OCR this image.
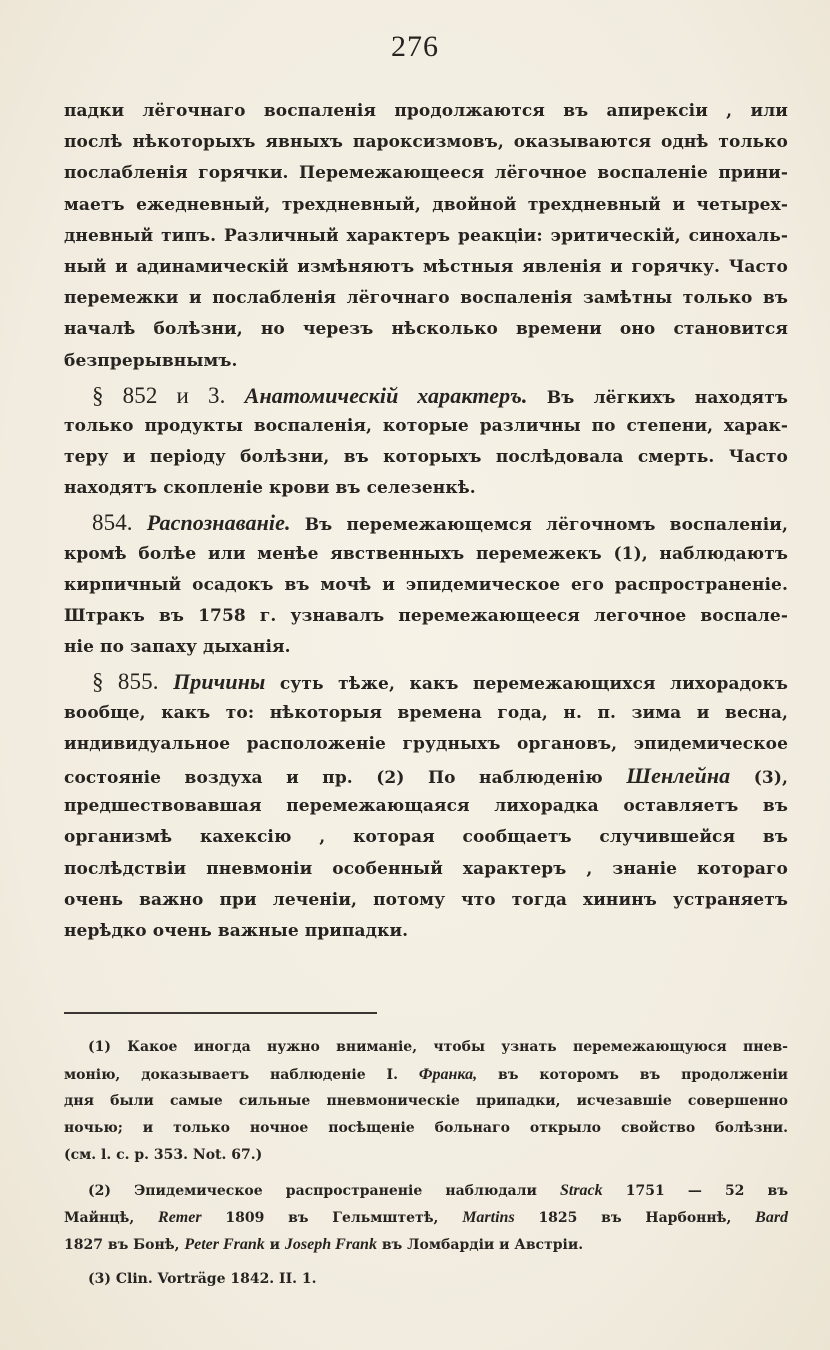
276
падки лёгочнаго воспаленія продолжаются въ апирексіи , или
послѣ нѣкоторыхъ явныхъ пароксизмовъ, оказываются однѣ только
послабленія горячки. Перемежающееся лёгочное воспаленіе прини-
маетъ ежедневный, трехдневный, двойной трехдневный и четырех-
дневный типъ. Различный характеръ реакціи: эритическій, синохаль-
ный и адинамическій измѣняютъ мѣстныя явленія и горячку. Часто
перемежки и послабленія лёгочнаго воспаленія замѣтны только въ
началѣ болѣзни, но черезъ нѣсколько времени оно становится
безпрерывнымъ.
§ 852 и 3. Анатомическій характеръ. Въ лёгкихъ находятъ
только продукты воспаленія, которые различны по степени, харак-
теру и періоду болѣзни, въ которыхъ послѣдовала смерть. Часто
находятъ скопленіе крови въ селезенкѣ.
854. Распознаваніе. Въ перемежающемся лёгочномъ воспаленіи,
кромѣ болѣе или менѣе явственныхъ перемежекъ (1), наблюдаютъ
кирпичный осадокъ въ мочѣ и эпидемическое его распространеніе.
Штракъ въ 1758 г. узнавалъ перемежающееся легочное воспале-
ніе по запаху дыханія.
§ 855. Причины суть тѣже, какъ перемежающихся лихорадокъ
вообще, какъ то: нѣкоторыя времена года, н. п. зима и весна,
индивидуальное расположеніе грудныхъ органовъ, эпидемическое
состояніе воздуха и пр. (2) По наблюденію Шенлейна (3),
предшествовавшая перемежающаяся лихорадка оставляетъ въ
организмѣ кахексію , которая сообщаетъ случившейся въ
послѣдствіи пневмоніи особенный характеръ , знаніе котораго
очень важно при леченіи, потому что тогда хининъ устраняетъ
нерѣдко очень важные припадки.
(1) Какое иногда нужно вниманіе, чтобы узнать перемежающуюся пнев-
монію, доказываетъ наблюденіе І. Франка, въ которомъ въ продолженіи
дня были самые сильные пневмоническіе припадки, исчезавшіе совершенно
ночью; и только ночное посѣщеніе больнаго открыло свойство болѣзни.
(см. l. c. p. 353. Not. 67.)
(2) Эпидемическое распространеніе наблюдали Strack 1751 — 52 въ
Майнцѣ, Remer 1809 въ Гельмштетѣ, Martins 1825 въ Нарбоннѣ, Bard
1827 въ Бонѣ, Peter Frank и Joseph Frank въ Ломбардіи и Австріи.
(3) Clin. Vorträge 1842. II. 1.
